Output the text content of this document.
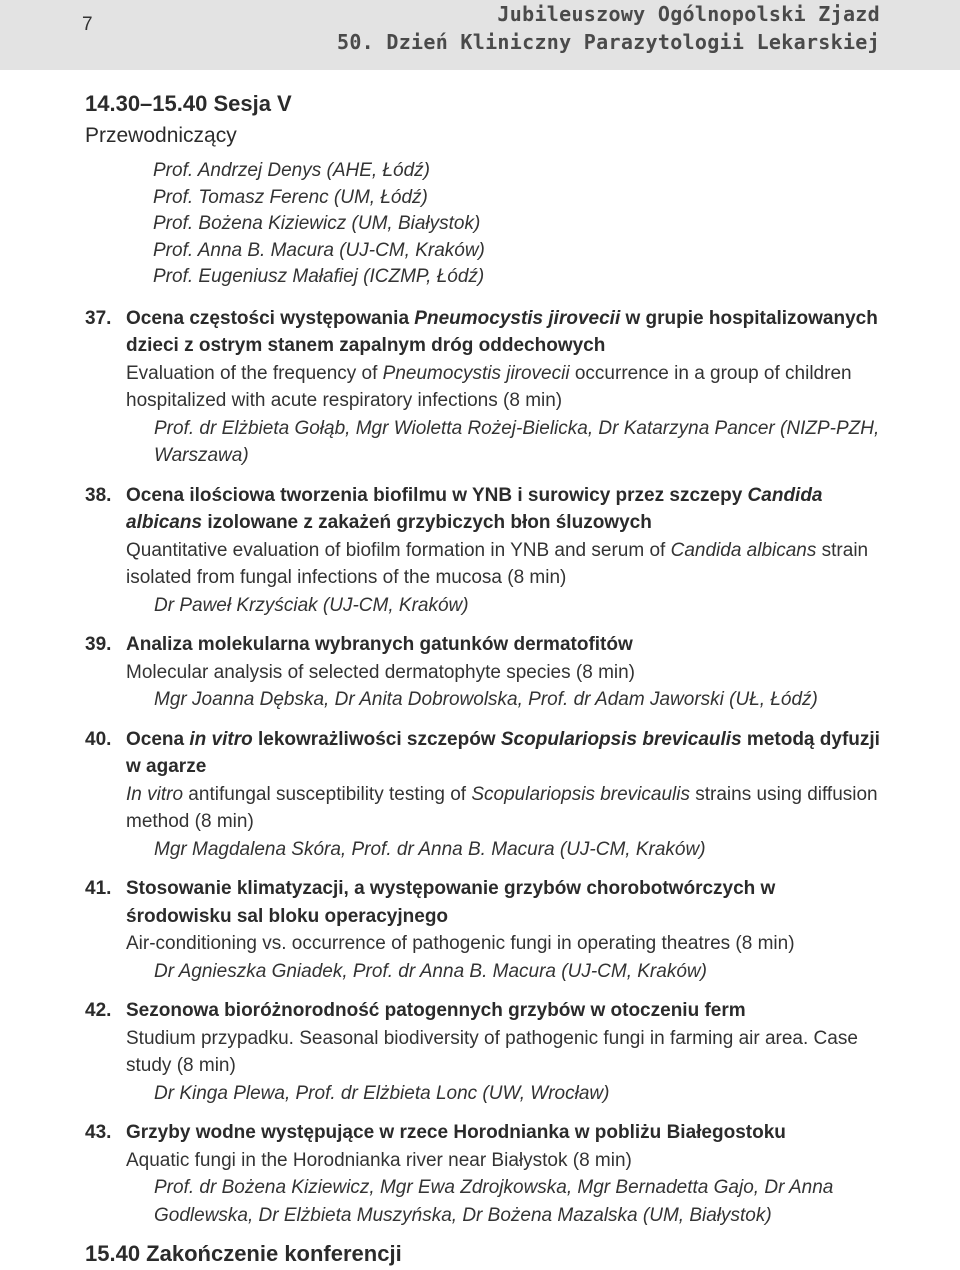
7	Jubileuszowy Ogólnopolski Zjazd
50. Dzień Kliniczny Parazytologii Lekarskiej
14.30–15.40 Sesja V
Przewodniczący
Prof. Andrzej Denys (AHE, Łódź)
Prof. Tomasz Ferenc (UM, Łódź)
Prof. Bożena Kiziewicz (UM, Białystok)
Prof. Anna B. Macura (UJ-CM, Kraków)
Prof. Eugeniusz Małafiej (ICZMP, Łódź)
37. Ocena częstości występowania Pneumocystis jirovecii w grupie hospitalizowanych dzieci z ostrym stanem zapalnym dróg oddechowych
Evaluation of the frequency of Pneumocystis jirovecii occurrence in a group of children hospitalized with acute respiratory infections (8 min)
Prof. dr Elżbieta Gołąb, Mgr Wioletta Rożej-Bielicka, Dr Katarzyna Pancer (NIZP-PZH, Warszawa)
38. Ocena ilościowa tworzenia biofilmu w YNB i surowicy przez szczepy Candida albicans izolowane z zakażeń grzybiczych błon śluzowych
Quantitative evaluation of biofilm formation in YNB and serum of Candida albicans strain isolated from fungal infections of the mucosa (8 min)
Dr Paweł Krzyściak (UJ-CM, Kraków)
39. Analiza molekularna wybranych gatunków dermatofitów
Molecular analysis of selected dermatophyte species (8 min)
Mgr Joanna Dębska, Dr Anita Dobrowolska, Prof. dr Adam Jaworski (UŁ, Łódź)
40. Ocena in vitro lekowrażliwości szczepów Scopulariopsis brevicaulis metodą dyfuzji w agarze
In vitro antifungal susceptibility testing of Scopulariopsis brevicaulis strains using diffusion method (8 min)
Mgr Magdalena Skóra, Prof. dr Anna B. Macura (UJ-CM, Kraków)
41. Stosowanie klimatyzacji, a występowanie grzybów chorobotwórczych w środowisku sal bloku operacyjnego
Air-conditioning vs. occurrence of pathogenic fungi in operating theatres (8 min)
Dr Agnieszka Gniadek, Prof. dr Anna B. Macura (UJ-CM, Kraków)
42. Sezonowa bioróżnorodność patogennych grzybów w otoczeniu ferm
Studium przypadku. Seasonal biodiversity of pathogenic fungi in farming air area. Case study (8 min)
Dr Kinga Plewa, Prof. dr Elżbieta Lonc (UW, Wrocław)
43. Grzyby wodne występujące w rzece Horodnianka w pobliżu Białegostoku
Aquatic fungi in the Horodnianka river near Białystok (8 min)
Prof. dr Bożena Kiziewicz, Mgr Ewa Zdrojkowska, Mgr Bernadetta Gajo, Dr Anna Godlewska, Dr Elżbieta Muszyńska, Dr Bożena Mazalska (UM, Białystok)
15.40 Zakończenie konferencji
